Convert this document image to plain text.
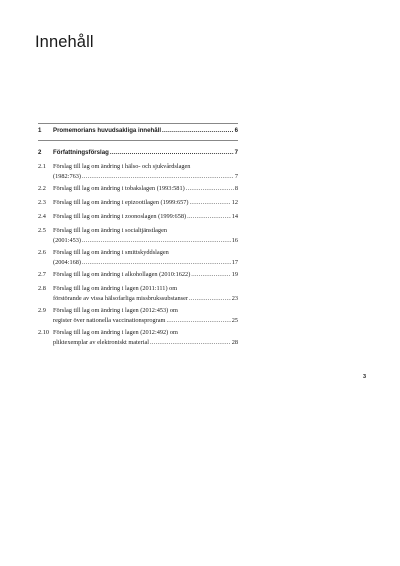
Innehåll
1 Promemorians huvudsakliga innehåll .....	6
2 Författningsförslag .....	7
2.1 Förslag till lag om ändring i hälso- och sjukvårdslagen
(1982:763) .....	7
2.2 Förslag till lag om ändring i tobakslagen (1993:581) .....	8
2.3 Förslag till lag om ändring i epizootilagen (1999:657) .....	12
2.4 Förslag till lag om ändring i zoonoslagen (1999:658) .....	14
2.5 Förslag till lag om ändring i socialtjänstlagen
(2001:453) .....	16
2.6 Förslag till lag om ändring i smittskyddslagen
(2004:168) .....	17
2.7 Förslag till lag om ändring i alkohollagen (2010:1622) .....	19
2.8 Förslag till lag om ändring i lagen (2011:111) om
förstörande av vissa hälsofarliga missbrukssubstanser .....	23
2.9 Förslag till lag om ändring i lagen (2012:453) om
register över nationella vaccinationsprogram .....	25
2.10 Förslag till lag om ändring i lagen (2012:492) om
pliktexemplar av elektroniskt material .....	28
3
